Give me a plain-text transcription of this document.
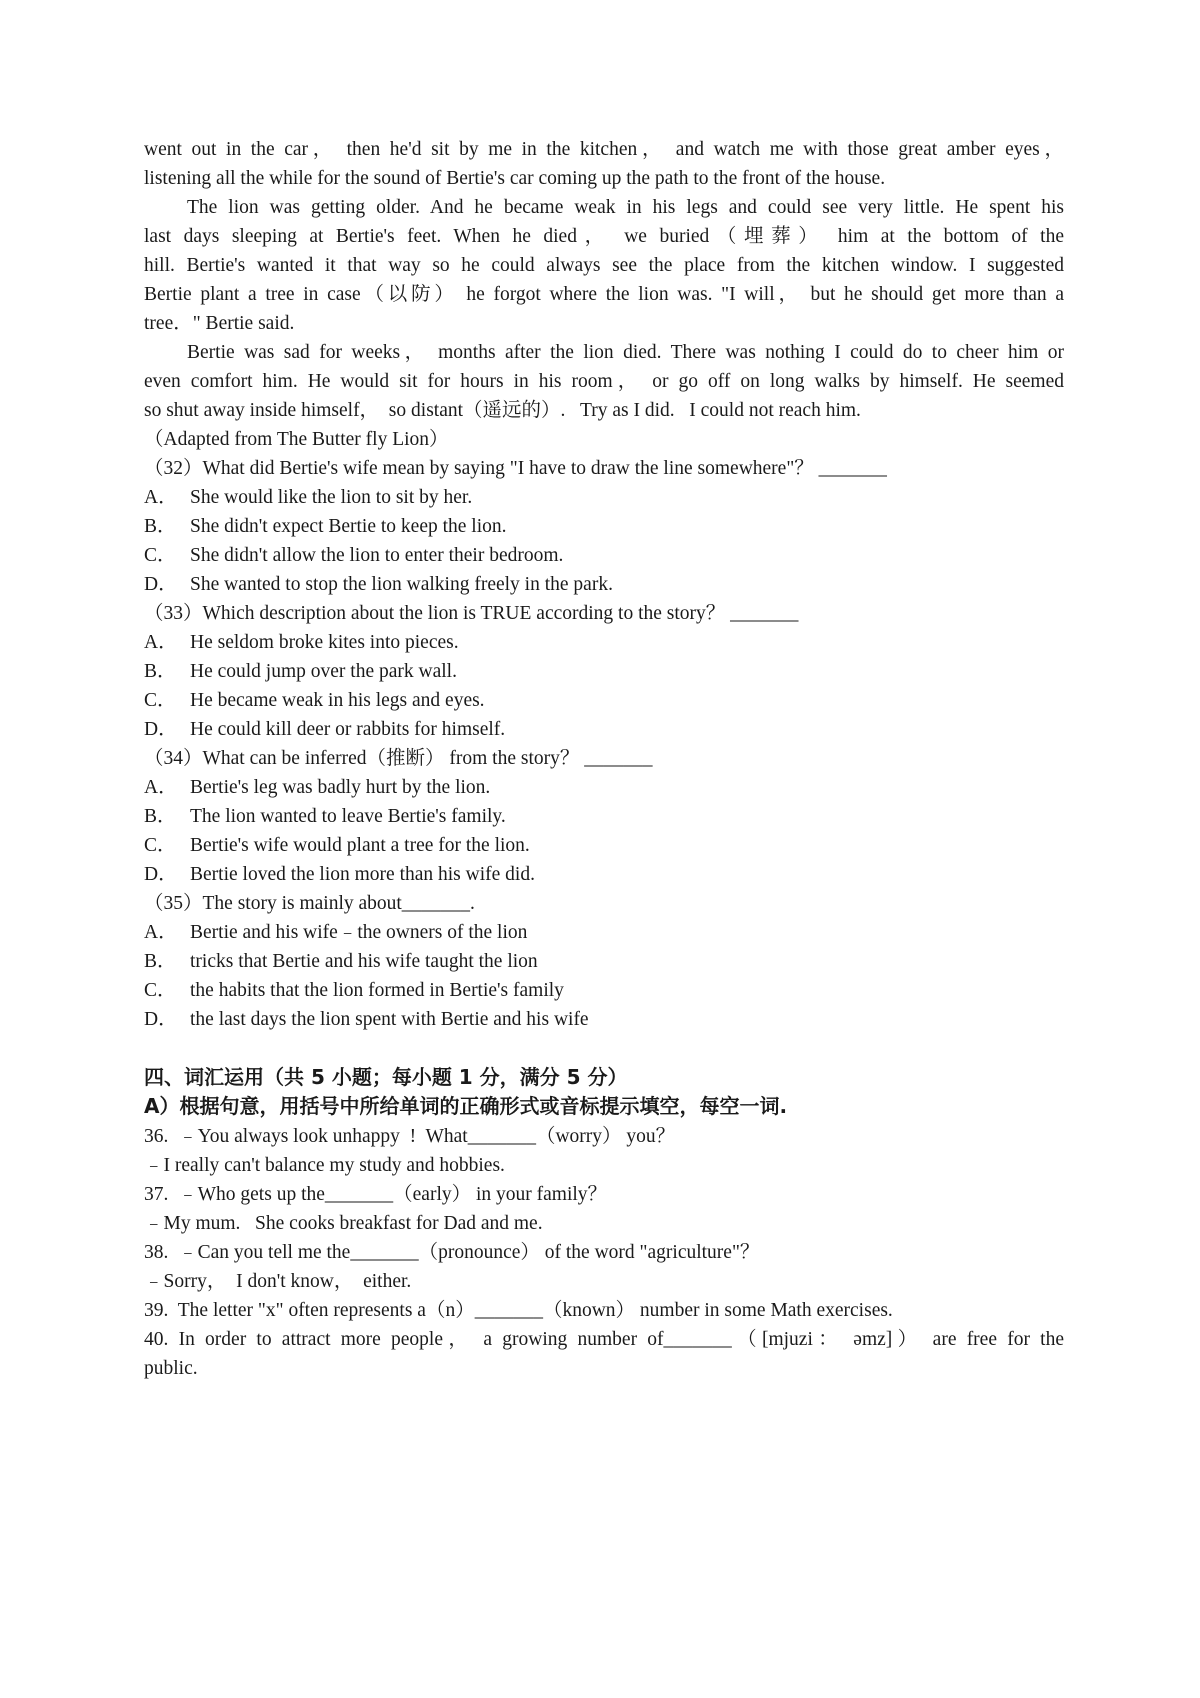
went out in the car， then he'd sit by me in the kitchen， and watch me with those great amber eyes，
listening all the while for the sound of Bertie's car coming up the path to the front of the house.
The lion was getting older. And he became weak in his legs and could see very little. He spent his
last days sleeping at Bertie's feet. When he died， we buried（埋葬） him at the bottom of the
hill. Bertie's wanted it that way so he could always see the place from the kitchen window. I suggested
Bertie plant a tree in case（以防） he forgot where the lion was. "I will， but he should get more than a
tree．" Bertie said.
Bertie was sad for weeks， months after the lion died. There was nothing I could do to cheer him or
even comfort him. He would sit for hours in his room， or go off on long walks by himself. He seemed
so shut away inside himself，  so distant（遥远的）.   Try as I did.   I could not reach him.
（Adapted from The Butter fly Lion）
（32）What did Bertie's wife mean by saying "I have to draw the line somewhere"？ _______
A． She would like the lion to sit by her.
B． She didn't expect Bertie to keep the lion.
C． She didn't allow the lion to enter their bedroom.
D． She wanted to stop the lion walking freely in the park.
（33）Which description about the lion is TRUE according to the story？ _______
A． He seldom broke kites into pieces.
B． He could jump over the park wall.
C． He became weak in his legs and eyes.
D． He could kill deer or rabbits for himself.
（34）What can be inferred（推断） from the story？ _______
A． Bertie's leg was badly hurt by the lion.
B． The lion wanted to leave Bertie's family.
C． Bertie's wife would plant a tree for the lion.
D． Bertie loved the lion more than his wife did.
（35）The story is mainly about_______.
A． Bertie and his wife﹣the owners of the lion
B． tricks that Bertie and his wife taught the lion
C． the habits that the lion formed in Bertie's family
D． the last days the lion spent with Bertie and his wife
四、词汇运用（共 5 小题；每小题 1 分，满分 5 分）
A）根据句意，用括号中所给单词的正确形式或音标提示填空，每空一词.
36.  ﹣You always look unhappy  !  What_______（worry） you？
﹣I really can't balance my study and hobbies.
37.  ﹣Who gets up the_______（early） in your family？
﹣My mum.   She cooks breakfast for Dad and me.
38.  ﹣Can you tell me the_______（pronounce） of the word "agriculture"？
﹣Sorry，  I don't know，  either.
39.  The letter "x" often represents a（n）_______（known） number in some Math exercises.
40. In order to attract more people， a growing number of_______（[mjuzi： əmz]） are free for the
public.
